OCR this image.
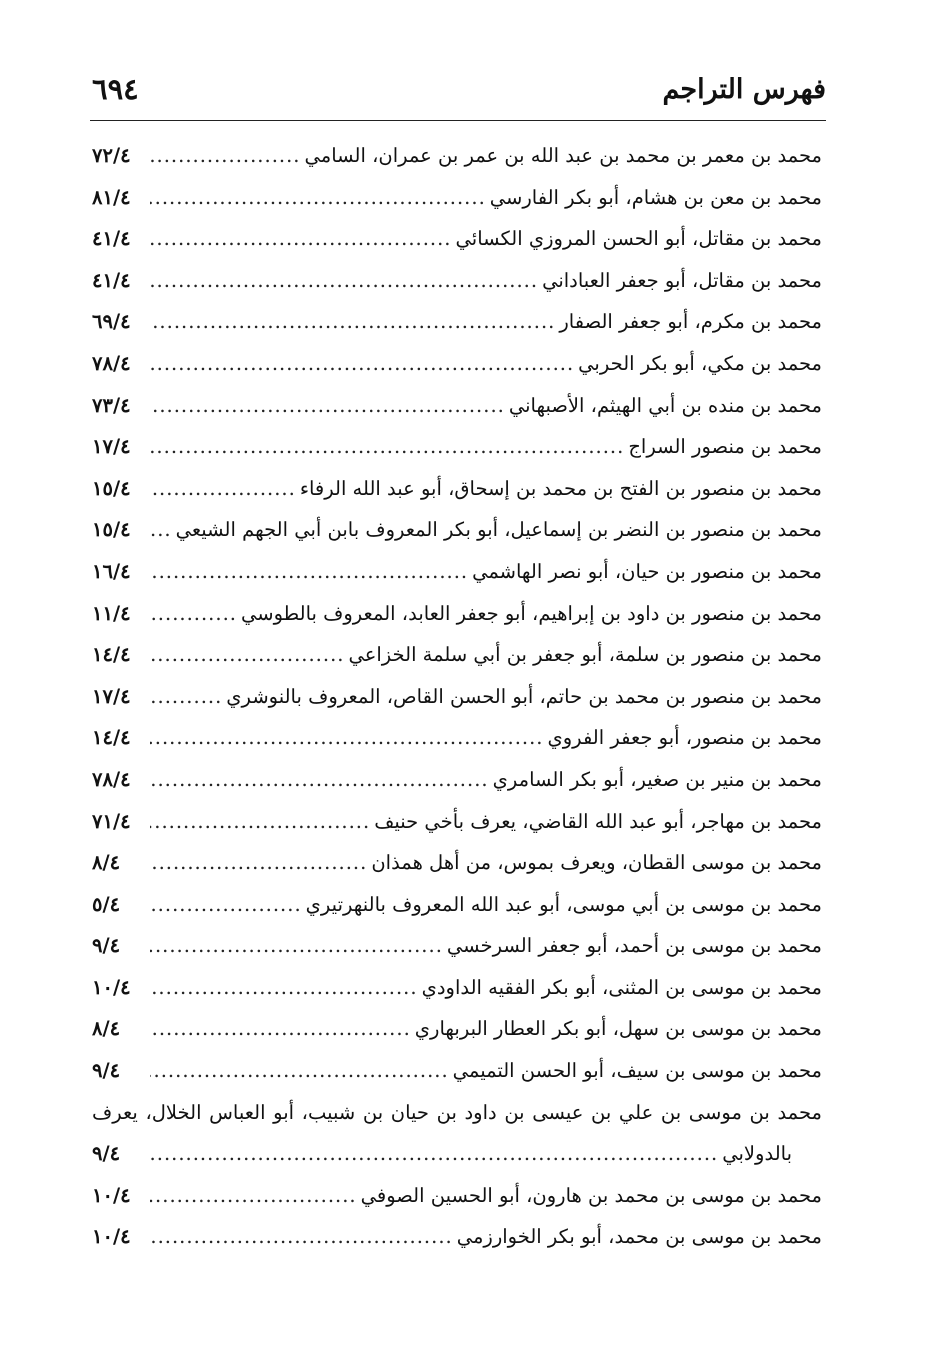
فهرس التراجم
٦٩٤
محمد بن معمر بن محمد بن عبد الله بن عمر بن عمران، السامي
.....
٧٢/٤
محمد بن معن بن هشام، أبو بكر الفارسي
.....
٨١/٤
محمد بن مقاتل، أبو الحسن المروزي الكسائي
.....
٤١/٤
محمد بن مقاتل، أبو جعفر العباداني
.....
٤١/٤
محمد بن مكرم، أبو جعفر الصفار
.....
٦٩/٤
محمد بن مكي، أبو بكر الحربي
.....
٧٨/٤
محمد بن منده بن أبي الهيثم، الأصبهاني
.....
٧٣/٤
محمد بن منصور السراج
.....
١٧/٤
محمد بن منصور بن الفتح بن محمد بن إسحاق، أبو عبد الله الرفاء
.....
١٥/٤
محمد بن منصور بن النضر بن إسماعيل، أبو بكر المعروف بابن أبي الجهم الشيعي
.....
١٥/٤
محمد بن منصور بن حيان، أبو نصر الهاشمي
.....
١٦/٤
محمد بن منصور بن داود بن إبراهيم، أبو جعفر العابد، المعروف بالطوسي
.....
١١/٤
محمد بن منصور بن سلمة، أبو جعفر بن أبي سلمة الخزاعي
.....
١٤/٤
محمد بن منصور بن محمد بن حاتم، أبو الحسن القاص، المعروف بالنوشري
.....
١٧/٤
محمد بن منصور، أبو جعفر الفروي
.....
١٤/٤
محمد بن منير بن صغير، أبو بكر السامري
.....
٧٨/٤
محمد بن مهاجر، أبو عبد الله القاضي، يعرف بأخي حنيف
.....
٧١/٤
محمد بن موسى القطان، ويعرف بموس، من أهل همذان
.....
٨/٤
محمد بن موسى بن أبي موسى، أبو عبد الله المعروف بالنهرتيري
.....
٥/٤
محمد بن موسى بن أحمد، أبو جعفر السرخسي
.....
٩/٤
محمد بن موسى بن المثنى، أبو بكر الفقيه الداودي
.....
١٠/٤
محمد بن موسى بن سهل، أبو بكر العطار البربهاري
.....
٨/٤
محمد بن موسى بن سيف، أبو الحسن التميمي
.....
٩/٤
محمد بن موسى بن علي بن عيسى بن داود بن حيان بن شبيب، أبو العباس الخلال، يعرف
بالدولابي
.....
٩/٤
محمد بن موسى بن محمد بن هارون، أبو الحسين الصوفي
.....
١٠/٤
محمد بن موسى بن محمد، أبو بكر الخوارزمي
.....
١٠/٤
